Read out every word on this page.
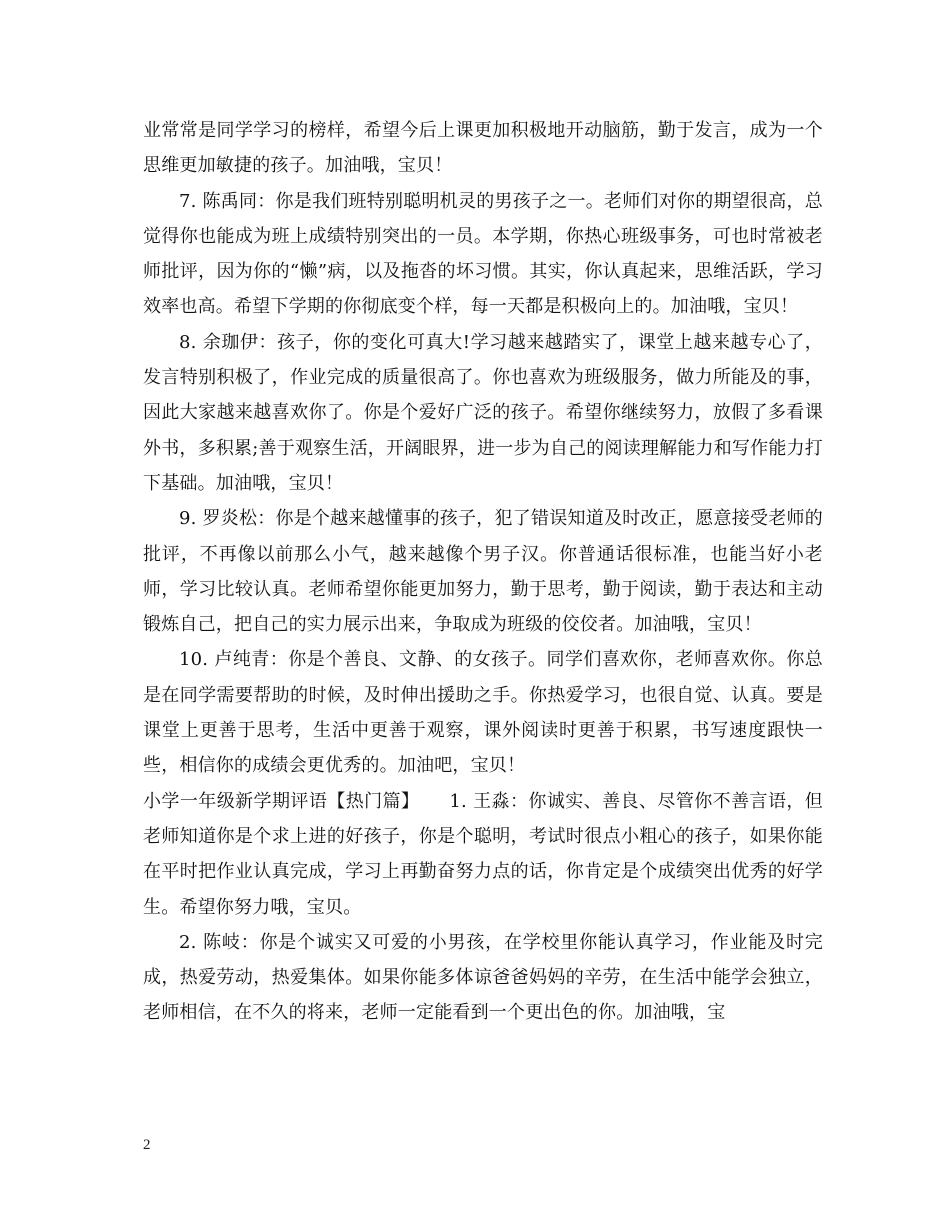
业常常是同学学习的榜样，希望今后上课更加积极地开动脑筋，勤于发言，成为一个思维更加敏捷的孩子。加油哦，宝贝！

7. 陈禹同：你是我们班特别聪明机灵的男孩子之一。老师们对你的期望很高，总觉得你也能成为班上成绩特别突出的一员。本学期，你热心班级事务，可也时常被老师批评，因为你的“懒”病，以及拖沓的坏习惯。其实，你认真起来，思维活跃，学习效率也高。希望下学期的你彻底变个样，每一天都是积极向上的。加油哦，宝贝！

8. 余珈伊：孩子，你的变化可真大!学习越来越踏实了，课堂上越来越专心了，发言特别积极了，作业完成的质量很高了。你也喜欢为班级服务，做力所能及的事，因此大家越来越喜欢你了。你是个爱好广泛的孩子。希望你继续努力，放假了多看课外书，多积累;善于观察生活，开阔眼界，进一步为自己的阅读理解能力和写作能力打下基础。加油哦，宝贝！

9. 罗炎松：你是个越来越懂事的孩子，犯了错误知道及时改正，愿意接受老师的批评，不再像以前那么小气，越来越像个男子汉。你普通话很标准，也能当好小老师，学习比较认真。老师希望你能更加努力，勤于思考，勤于阅读，勤于表达和主动锻炼自己，把自己的实力展示出来，争取成为班级的佼佼者。加油哦，宝贝！

10. 卢纯青：你是个善良、文静、的女孩子。同学们喜欢你，老师喜欢你。你总是在同学需要帮助的时候，及时伸出援助之手。你热爱学习，也很自觉、认真。要是课堂上更善于思考，生活中更善于观察，课外阅读时更善于积累，书写速度跟快一些，相信你的成绩会更优秀的。加油吧，宝贝！

小学一年级新学期评语【热门篇】 1. 王淼：你诚实、善良、尽管你不善言语，但老师知道你是个求上进的好孩子，你是个聪明，考试时很点小粗心的孩子，如果你能在平时把作业认真完成，学习上再勤奋努力点的话，你肯定是个成绩突出优秀的好学生。希望你努力哦，宝贝。

2. 陈岐：你是个诚实又可爱的小男孩，在学校里你能认真学习，作业能及时完成，热爱劳动，热爱集体。如果你能多体谅爸爸妈妈的辛劳，在生活中能学会独立，老师相信，在不久的将来，老师一定能看到一个更出色的你。加油哦，宝

2
